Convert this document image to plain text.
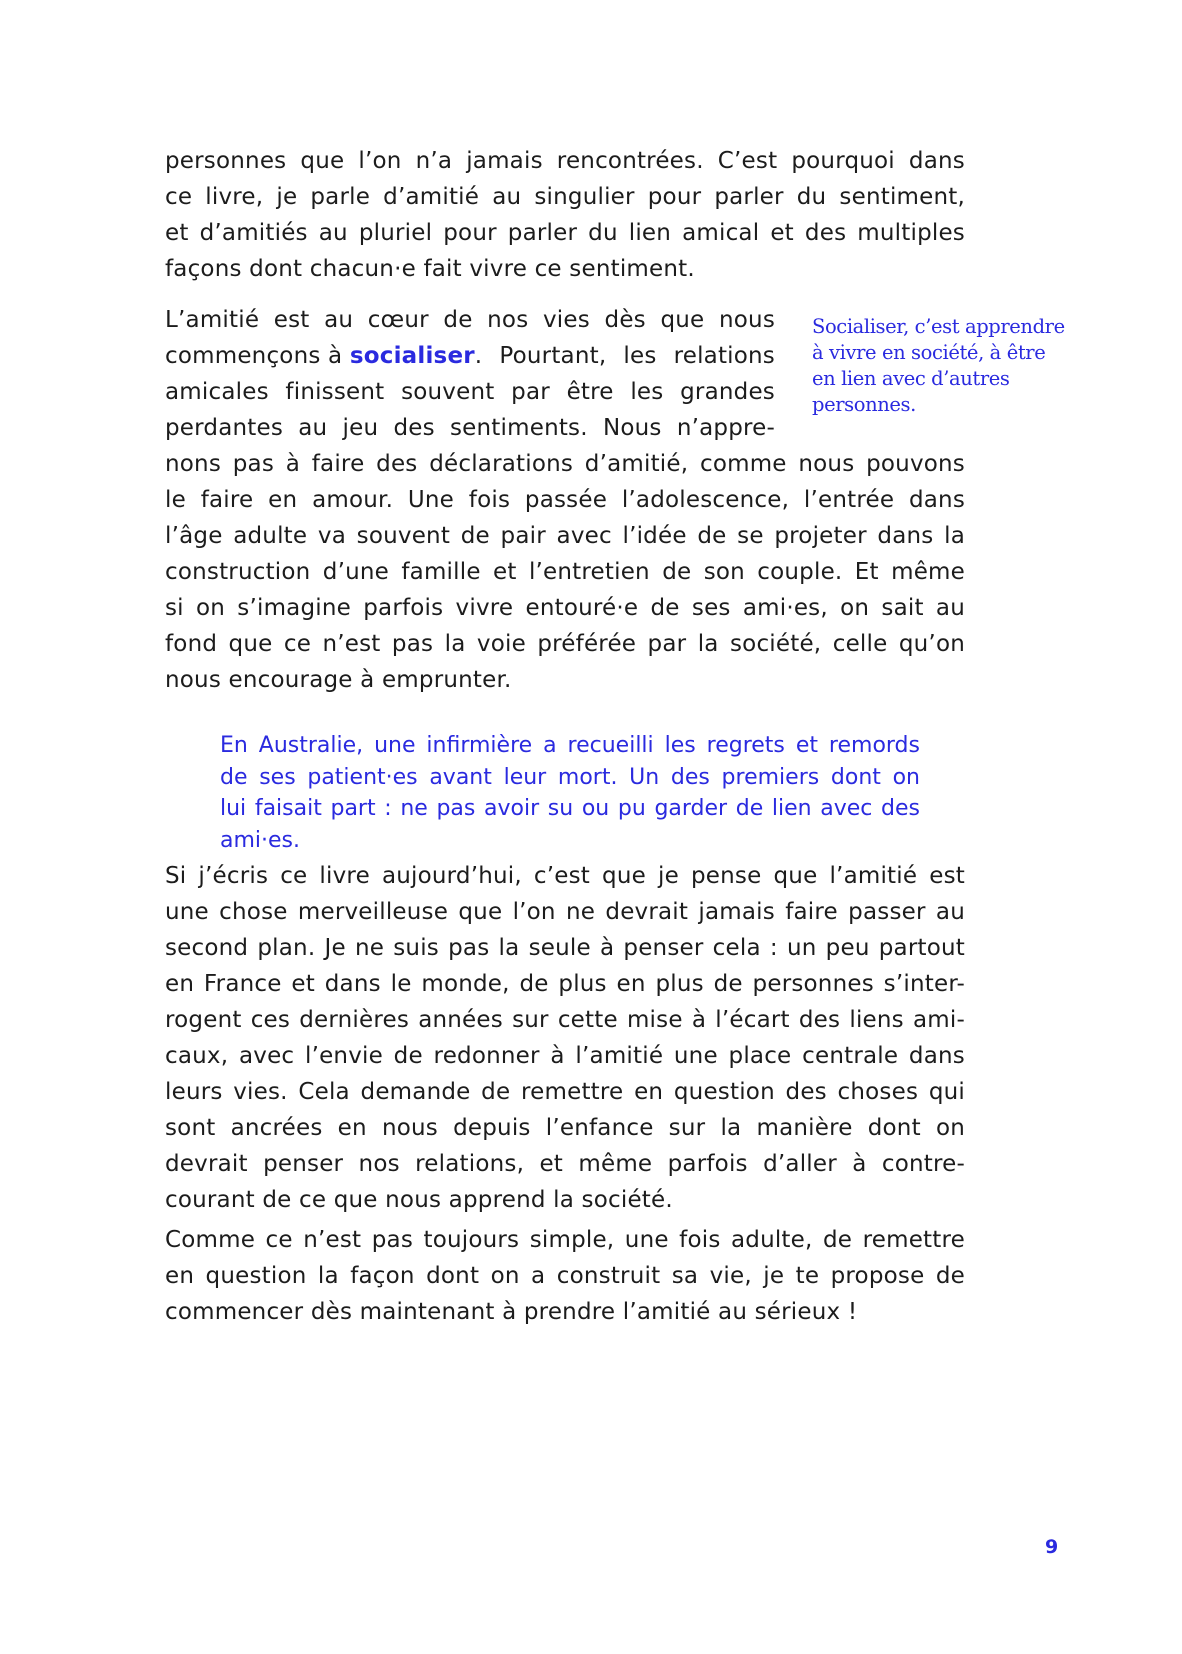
personnes que l’on n’a jamais rencontrées. C’est pourquoi dans
ce livre, je parle d’amitié au singulier pour parler du sentiment,
et d’amitiés au pluriel pour parler du lien amical et des multiples
façons dont chacun·e fait vivre ce sentiment.

L’amitié est au cœur de nos vies dès que nous
commençons à socialiser . Pourtant, les relations
amicales finissent souvent par être les grandes
perdantes au jeu des sentiments. Nous n’appre-
nons pas à faire des déclarations d’amitié, comme nous pouvons
le faire en amour. Une fois passée l’adolescence, l’entrée dans
l’âge adulte va souvent de pair avec l’idée de se projeter dans la
construction d’une famille et l’entretien de son couple. Et même
si on s’imagine parfois vivre entouré·e de ses ami·es, on sait au
fond que ce n’est pas la voie préférée par la société, celle qu’on
nous encourage à emprunter.

Socialiser, c’est apprendre
à vivre en société, à être
en lien avec d’autres
personnes.
En Australie, une infirmière a recueilli les regrets et remords
de ses patient·es avant leur mort. Un des premiers dont on
lui faisait part : ne pas avoir su ou pu garder de lien avec des
ami·es.

Si j’écris ce livre aujourd’hui, c’est que je pense que l’amitié est
une chose merveilleuse que l’on ne devrait jamais faire passer au
second plan. Je ne suis pas la seule à penser cela : un peu partout
en France et dans le monde, de plus en plus de personnes s’inter-
rogent ces dernières années sur cette mise à l’écart des liens ami-
caux, avec l’envie de redonner à l’amitié une place centrale dans
leurs vies. Cela demande de remettre en question des choses qui
sont ancrées en nous depuis l’enfance sur la manière dont on
devrait penser nos relations, et même parfois d’aller à contre-
courant de ce que nous apprend la société.

Comme ce n’est pas toujours simple, une fois adulte, de remettre
en question la façon dont on a construit sa vie, je te propose de
commencer dès maintenant à prendre l’amitié au sérieux !

9
